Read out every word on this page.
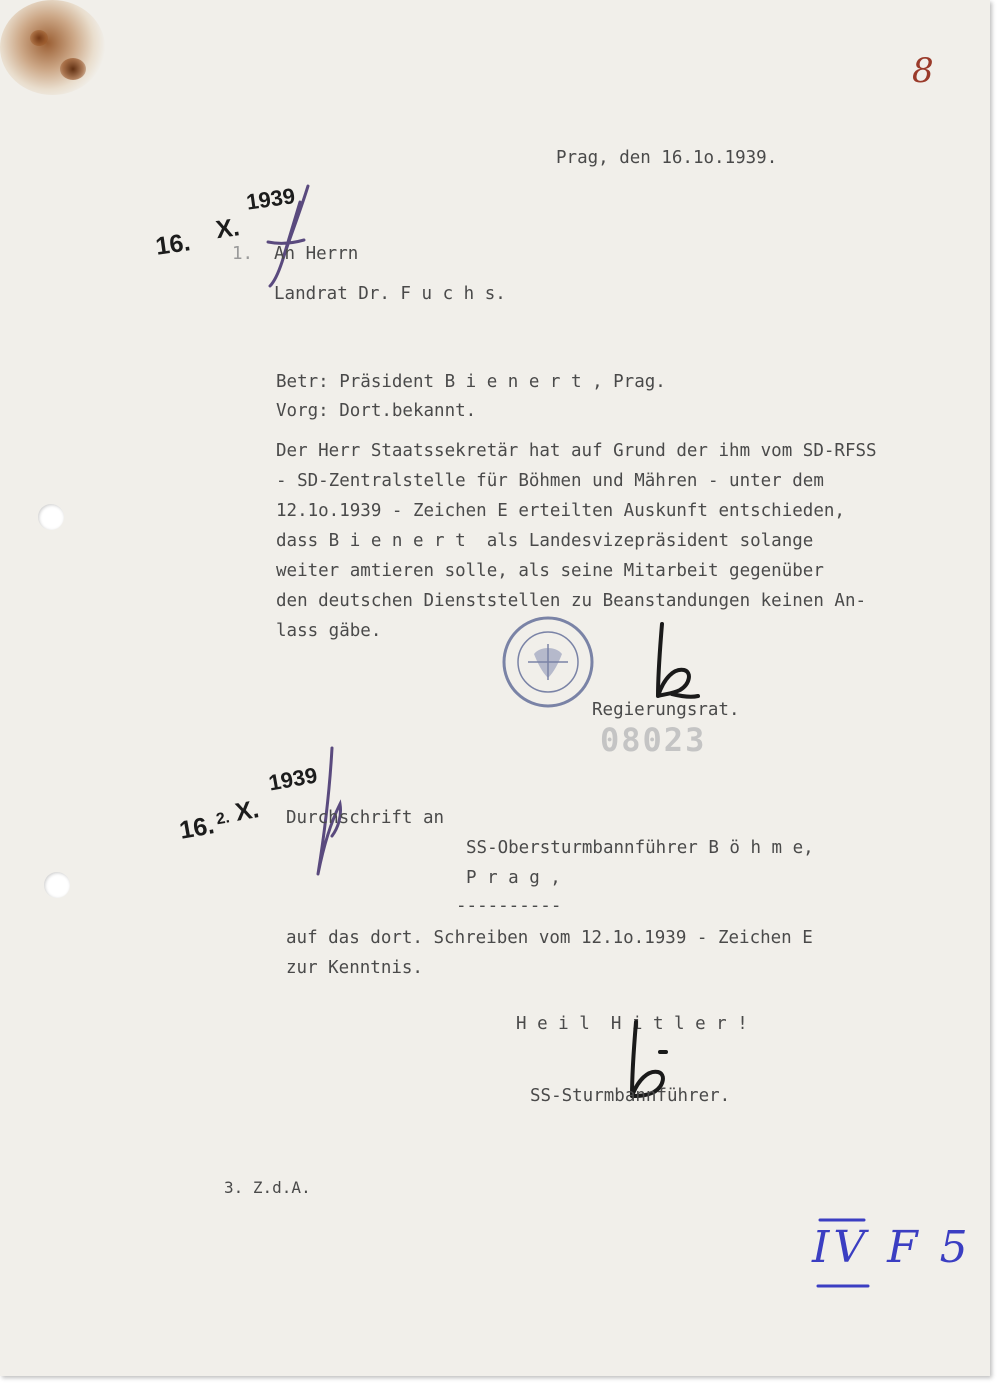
8

Prag, den 16.1o.1939.

16. X.
1939

1. An Herrn

Landrat Dr. F u c h s.

Betr: Präsident B i e n e r t , Prag.

Vorg: Dort.bekannt.

Der Herr Staatssekretär hat auf Grund der ihm vom SD-RFSS

- SD-Zentralstelle für Böhmen und Mähren - unter dem

12.1o.1939 - Zeichen E erteilten Auskunft entschieden,

dass B i e n e r t  als Landesvizepräsident solange

weiter amtieren solle, als seine Mitarbeit gegenüber

den deutschen Dienststellen zu Beanstandungen keinen An-

lass gäbe.

Regierungsrat.

08023

16.
2. X.
1939

Durchschrift an

SS-Obersturmbannführer B ö h m e,

P r a g ,

----------

auf das dort. Schreiben vom 12.1o.1939 - Zeichen E

zur Kenntnis.

H e i l  H i t l e r !

SS-Sturmbannführer.

3. Z.d.A.

IV F 5
